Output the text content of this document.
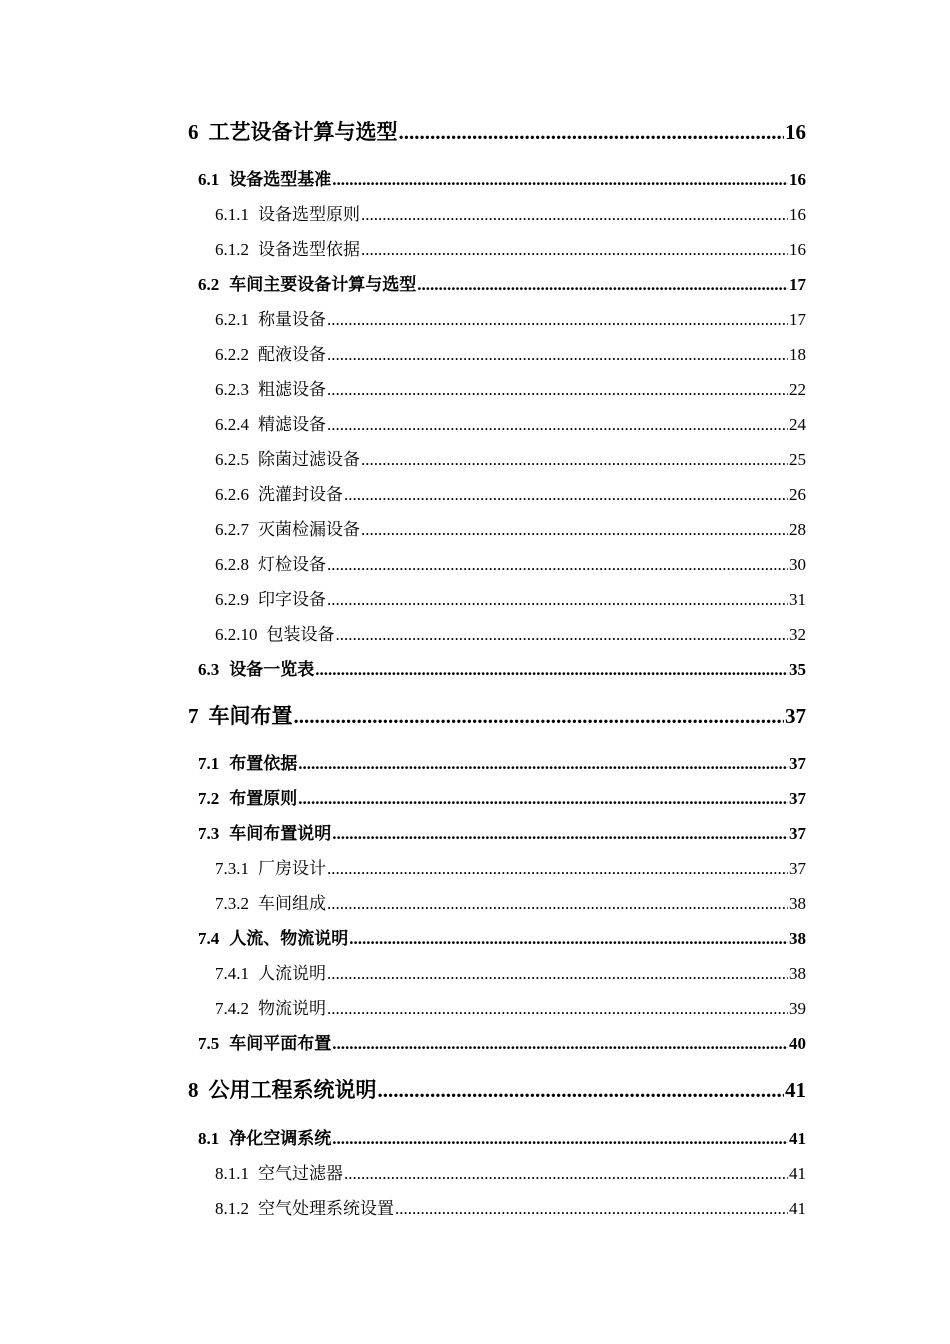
6 工艺设备计算与选型 .....	16
6.1 设备选型基准 .....	16
6.1.1 设备选型原则 .....	16
6.1.2 设备选型依据 .....	16
6.2 车间主要设备计算与选型 .....	17
6.2.1 称量设备 .....	17
6.2.2 配液设备 .....	18
6.2.3 粗滤设备 .....	22
6.2.4 精滤设备 .....	24
6.2.5 除菌过滤设备 .....	25
6.2.6 洗灌封设备 .....	26
6.2.7 灭菌检漏设备 .....	28
6.2.8 灯检设备 .....	30
6.2.9 印字设备 .....	31
6.2.10 包装设备 .....	32
6.3 设备一览表 .....	35
7 车间布置 .....	37
7.1 布置依据 .....	37
7.2 布置原则 .....	37
7.3 车间布置说明 .....	37
7.3.1 厂房设计 .....	37
7.3.2 车间组成 .....	38
7.4 人流、物流说明 .....	38
7.4.1 人流说明 .....	38
7.4.2 物流说明 .....	39
7.5 车间平面布置 .....	40
8 公用工程系统说明 .....	41
8.1 净化空调系统 .....	41
8.1.1 空气过滤器 .....	41
8.1.2 空气处理系统设置 .....	41
